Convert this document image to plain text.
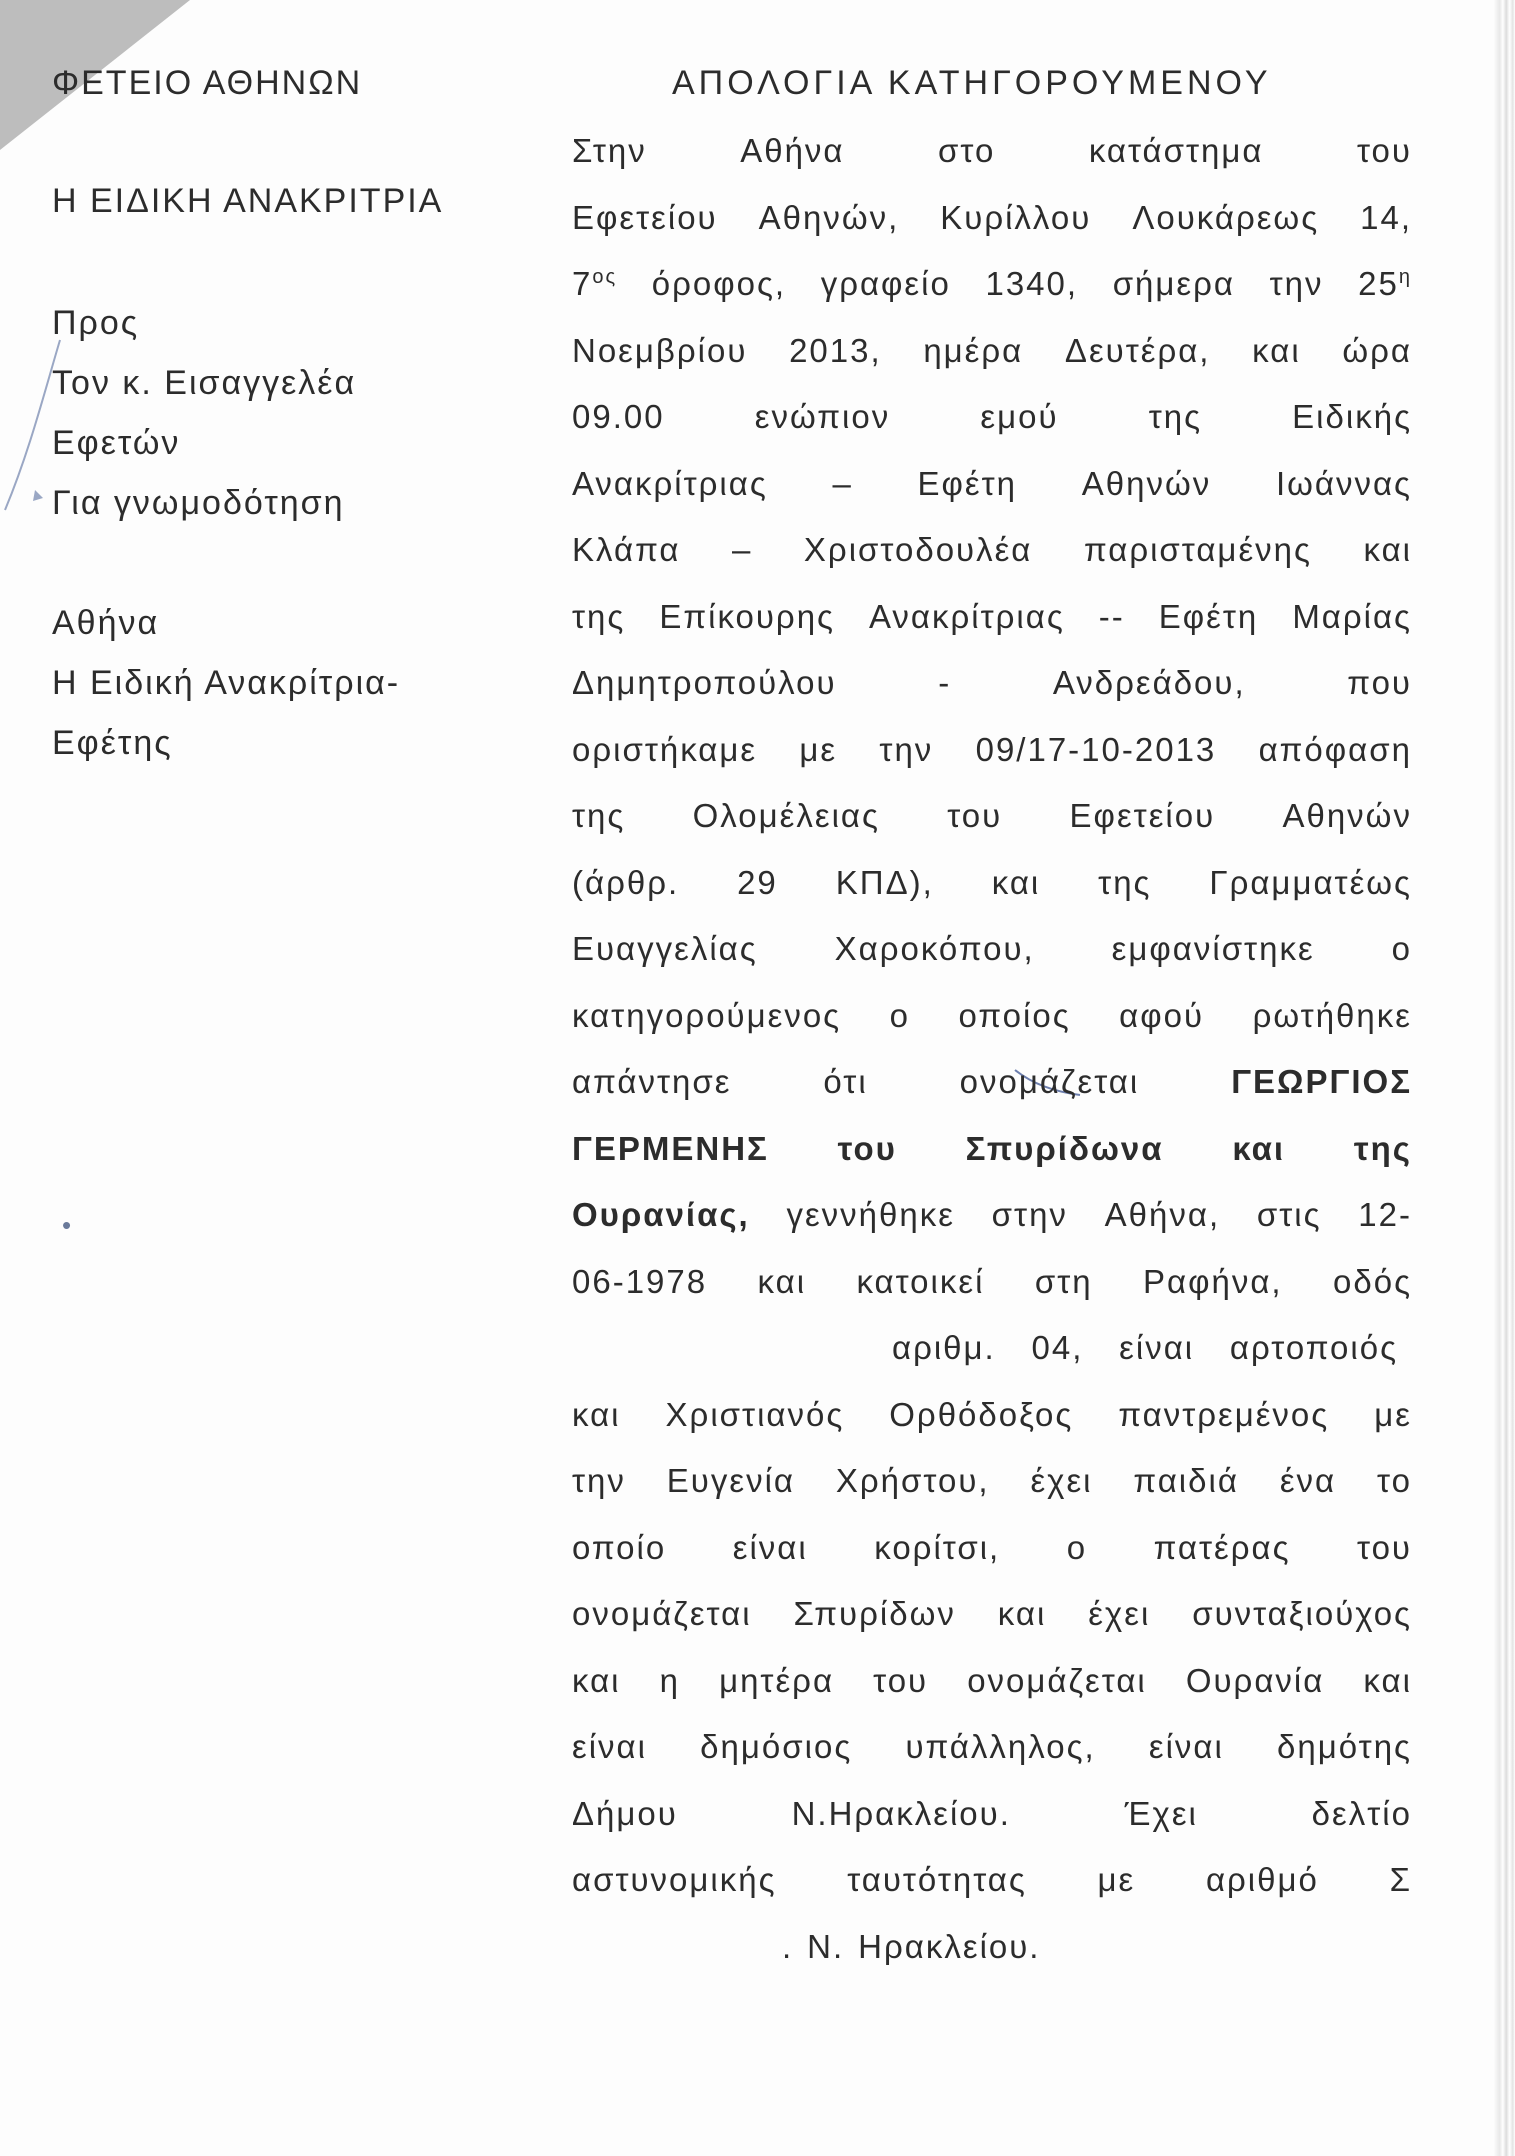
•
ΦΕΤΕΙΟ ΑΘΗΝΩΝ
Η ΕΙΔΙΚΗ ΑΝΑΚΡΙΤΡΙΑ
Προς
Τον κ. Εισαγγελέα
Εφετών
Για γνωμοδότηση
Αθήνα
Η Ειδική Ανακρίτρια-
Εφέτης
ΑΠΟΛΟΓΙΑ ΚΑΤΗΓΟΡΟΥΜΕΝΟΥ
Στην	Αθήνα	στο	κατάστημα	του
Εφετείου Αθηνών, Κυρίλλου Λουκάρεως 14,
$7^{o\varsigma}$ όροφος, γραφείο 1340, σήμερα την $25^\eta$
Νοεμβρίου 2013, ημέρα Δευτέρα, και ώρα
09.00	ενώπιον	εμού	της	Ειδικής
Ανακρίτριας – Εφέτη Αθηνών Ιωάννας
Κλάπα – Χριστοδουλέα παρισταμένης και
της Επίκουρης Ανακρίτριας -- Εφέτη Μαρίας
Δημητροπούλου	-	Ανδρεάδου,	που
οριστήκαμε με την 09/17-10-2013 απόφαση
της Ολομέλειας του Εφετείου Αθηνών
(άρθρ. 29 ΚΠΔ), και της Γραμματέως
Ευαγγελίας Χαροκόπου, εμφανίστηκε ο
κατηγορούμενος ο οποίος αφού ρωτήθηκε
απάντησε	ότι	ονομάζεται	ΓΕΩΡΓΙΟΣ
ΓΕΡΜΕΝΗΣ του Σπυρίδωνα και της
Ουρανίας, γεννήθηκε στην Αθήνα, στις 12-
06-1978 και κατοικεί στη Ραφήνα, οδός
αριθμ. 04, είναι αρτοποιός
και Χριστιανός Ορθόδοξος παντρεμένος με
την Ευγενία Χρήστου, έχει παιδιά ένα το
οποίο είναι κορίτσι, ο πατέρας του
ονομάζεται Σπυρίδων και έχει συνταξιούχος
και η μητέρα του ονομάζεται Ουρανία και
είναι δημόσιος υπάλληλος, είναι δημότης
Δήμου	Ν.Ηρακλείου.	Έχει	δελτίο
αστυνομικής ταυτότητας με αριθμό Σ
. Ν. Ηρακλείου.
